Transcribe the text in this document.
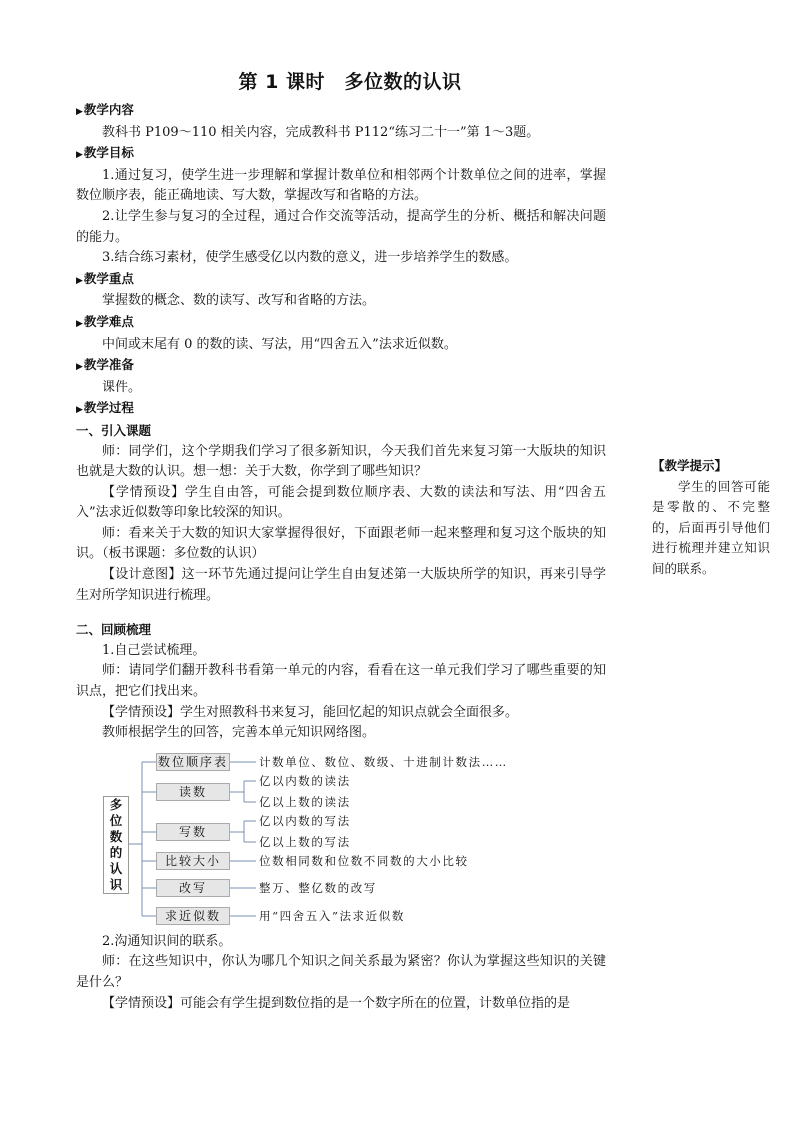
第 1 课时　多位数的认识

▶教学内容

教科书 P109～110 相关内容，完成教科书 P112“练习二十一”第 1～3题。

▶教学目标

1.通过复习，使学生进一步理解和掌握计数单位和相邻两个计数单位之间的进率，掌握数位顺序表，能正确地读、写大数，掌握改写和省略的方法。

2.让学生参与复习的全过程，通过合作交流等活动，提高学生的分析、概括和解决问题的能力。

3.结合练习素材，使学生感受亿以内数的意义，进一步培养学生的数感。

▶教学重点

掌握数的概念、数的读写、改写和省略的方法。

▶教学难点

中间或末尾有 0 的数的读、写法，用“四舍五入”法求近似数。

▶教学准备

课件。

▶教学过程

一、引入课题

师：同学们，这个学期我们学习了很多新知识，今天我们首先来复习第一大版块的知识也就是大数的认识。想一想：关于大数，你学到了哪些知识？

【学情预设】学生自由答，可能会提到数位顺序表、大数的读法和写法、用“四舍五入”法求近似数等印象比较深的知识。

师：看来关于大数的知识大家掌握得很好，下面跟老师一起来整理和复习这个版块的知识。（板书课题：多位数的认识）

【设计意图】这一环节先通过提问让学生自由复述第一大版块所学的知识，再来引导学生对所学知识进行梳理。

二、回顾梳理

1.自己尝试梳理。

师：请同学们翻开教科书看第一单元的内容，看看在这一单元我们学习了哪些重要的知识点，把它们找出来。

【学情预设】学生对照教科书来复习，能回忆起的知识点就会全面很多。

教师根据学生的回答，完善本单元知识网络图。

多
位
数
的
认
识
数位顺序表
读数
写数
比较大小
改写
求近似数
计数单位、数位、数级、十进制计数法……
亿以内数的读法
亿以上数的读法
亿以内数的写法
亿以上数的写法
位数相同数和位数不同数的大小比较
整万、整亿数的改写
用“四舍五入”法求近似数

2.沟通知识间的联系。

师：在这些知识中，你认为哪几个知识之间关系最为紧密？你认为掌握这些知识的关键是什么？

【学情预设】可能会有学生提到数位指的是一个数字所在的位置，计数单位指的是

【教学提示】
学生的回答可能是零散的、不完整的，后面再引导他们进行梳理并建立知识间的联系。
